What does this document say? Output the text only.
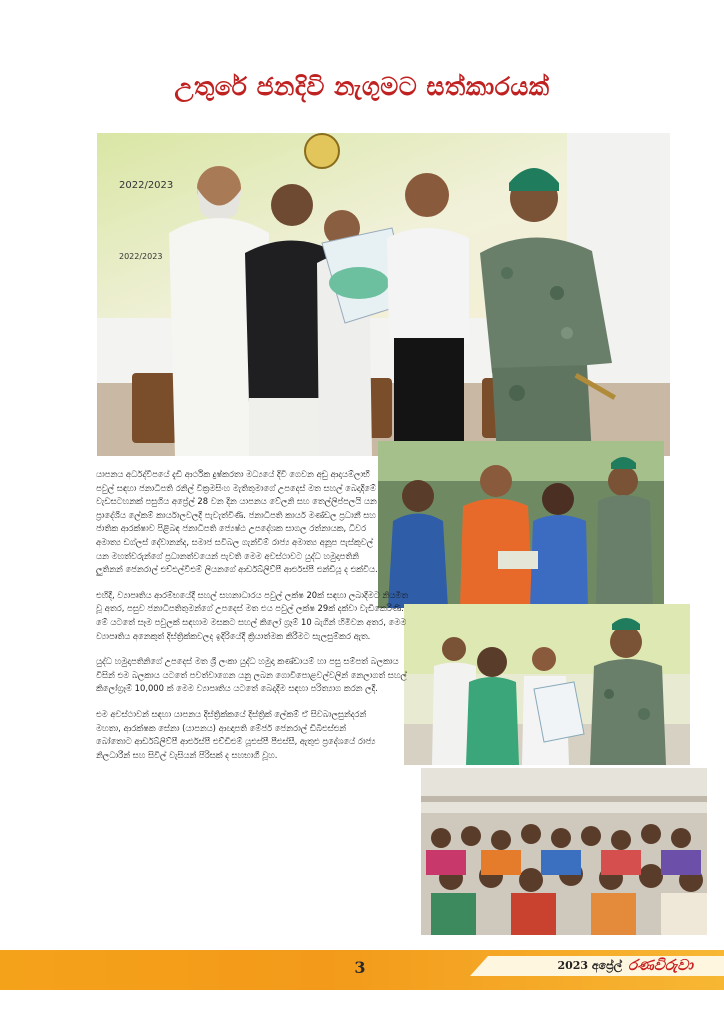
උතුරේ ජනදිවි නැගුමට සත්කාරයක්
2022/2023
2022/2023

යාපනය අර්ධද්වීපයේ දැඩි ආර්ථික දුෂ්කරතා මධ්‍යයේ දිවි ගෙවන අඩු ආදායම්ලාභී පවුල් සඳහා ජනාධිපති රනිල් වික්‍රමසිංහ මැතිතුමාගේ උපදෙස් මත සහල් බෙදාදීමේ වැඩසටහනක් පසුගිය අප්‍රේල් 28 වන දින යාපනය වේලනි සහ තෙල්ලිප්පලයි යන ප්‍රාදේශීය ලේකම් කාර්යාලවලදී පැවැත්විණි. ජනාධිපති කාර්ය මණ්ඩල ප්‍රධානී සහ ජාතික ආරක්ෂාව පිළිබඳ ජනාධිපති ජ්‍යෙෂ්ඨ උපදේශක සාගල රත්නායක, ධීවර අමාත්‍ය ඩග්ලස් දේවානන්ද, සමාජ සවිබල ගැන්වීම් රාජ්‍ය අමාත්‍ය අනූප පැස්කුවල් යන මහත්වරුන්ගේ ප්‍රධානත්වයෙන් පැවති මෙම අවස්ථාවට යුද්ධ හමුදාපතිනි ලුතිනන් ජෙනරාල් එච්එල්වීඑම් ලියනගේ ආර්ඩබ්ලිව්පී ආර්එස්පී එන්ඩියූ ද එක්විය.

එහිදී, ව්‍යාපෘතිය ආරම්භයේදී සහල් සහනාධාරය පවුල් ලක්ෂ 20ක් සඳහා ලබාදීමට නියමිත වූ අතර, පසුව ජනාධිපතිතුමන්ගේ උපදෙස් මත එය පවුල් ලක්ෂ 29ක් දක්වා වැඩිකෙරිණි. මේ යටතේ සෑම පවුලක් සඳහාම මසකට සහල් කිලෝ ග්‍රෑම් 10 බැගින් හිමිවන අතර, මෙම ව්‍යාපෘතිය අනෙකුත් දිස්ත්‍රික්කවලද ඉදිරියේදී ක්‍රියාත්මක කිරීමට සැලසුම්කර ඇත.

යුද්ධ හමුදාපතිනිගේ උපදෙස් මත ශ්‍රී ලංකා යුද්ධ හමුදා කණ්ඩායම් හා පසු සම්පත් බලකාය විසින් එම බලකාය යටතේ පවත්වාගෙන යනු ලබන ගොවිපොළවල්වලින් නෙලාගත් සහල් කිලෝග්‍රෑම් 10,000 ක් මෙම ව්‍යාපෘතිය යටතේ බෙදාදීම සඳහා පරිත්‍යාග කරන ලදී.

එම අවස්ථාවන් සඳහා යාපනය දිස්ත්‍රික්කයේ දිස්ත්‍රික් ලේකම් ඒ සිවබාලසුන්දරන් මහතා, ආරක්ෂක සේනා (යාපනය) ආඥාපති මේජර් ජෙනරාල් ඩිබීඑස්එන් බෝතොට ආර්ඩබ්ලිව්පී ආර්එස්පී එච්ඩීඑම් යූඑස්පී පීඑස්සී, ඇතුළු ප්‍රදේශයේ රාජ්‍ය නිලධාරීන් සහ සිවිල් වැසියන් පිරිසක් ද සහභාගී වූහ.

3	2023 අප්‍රේල් රණවිරුවා
